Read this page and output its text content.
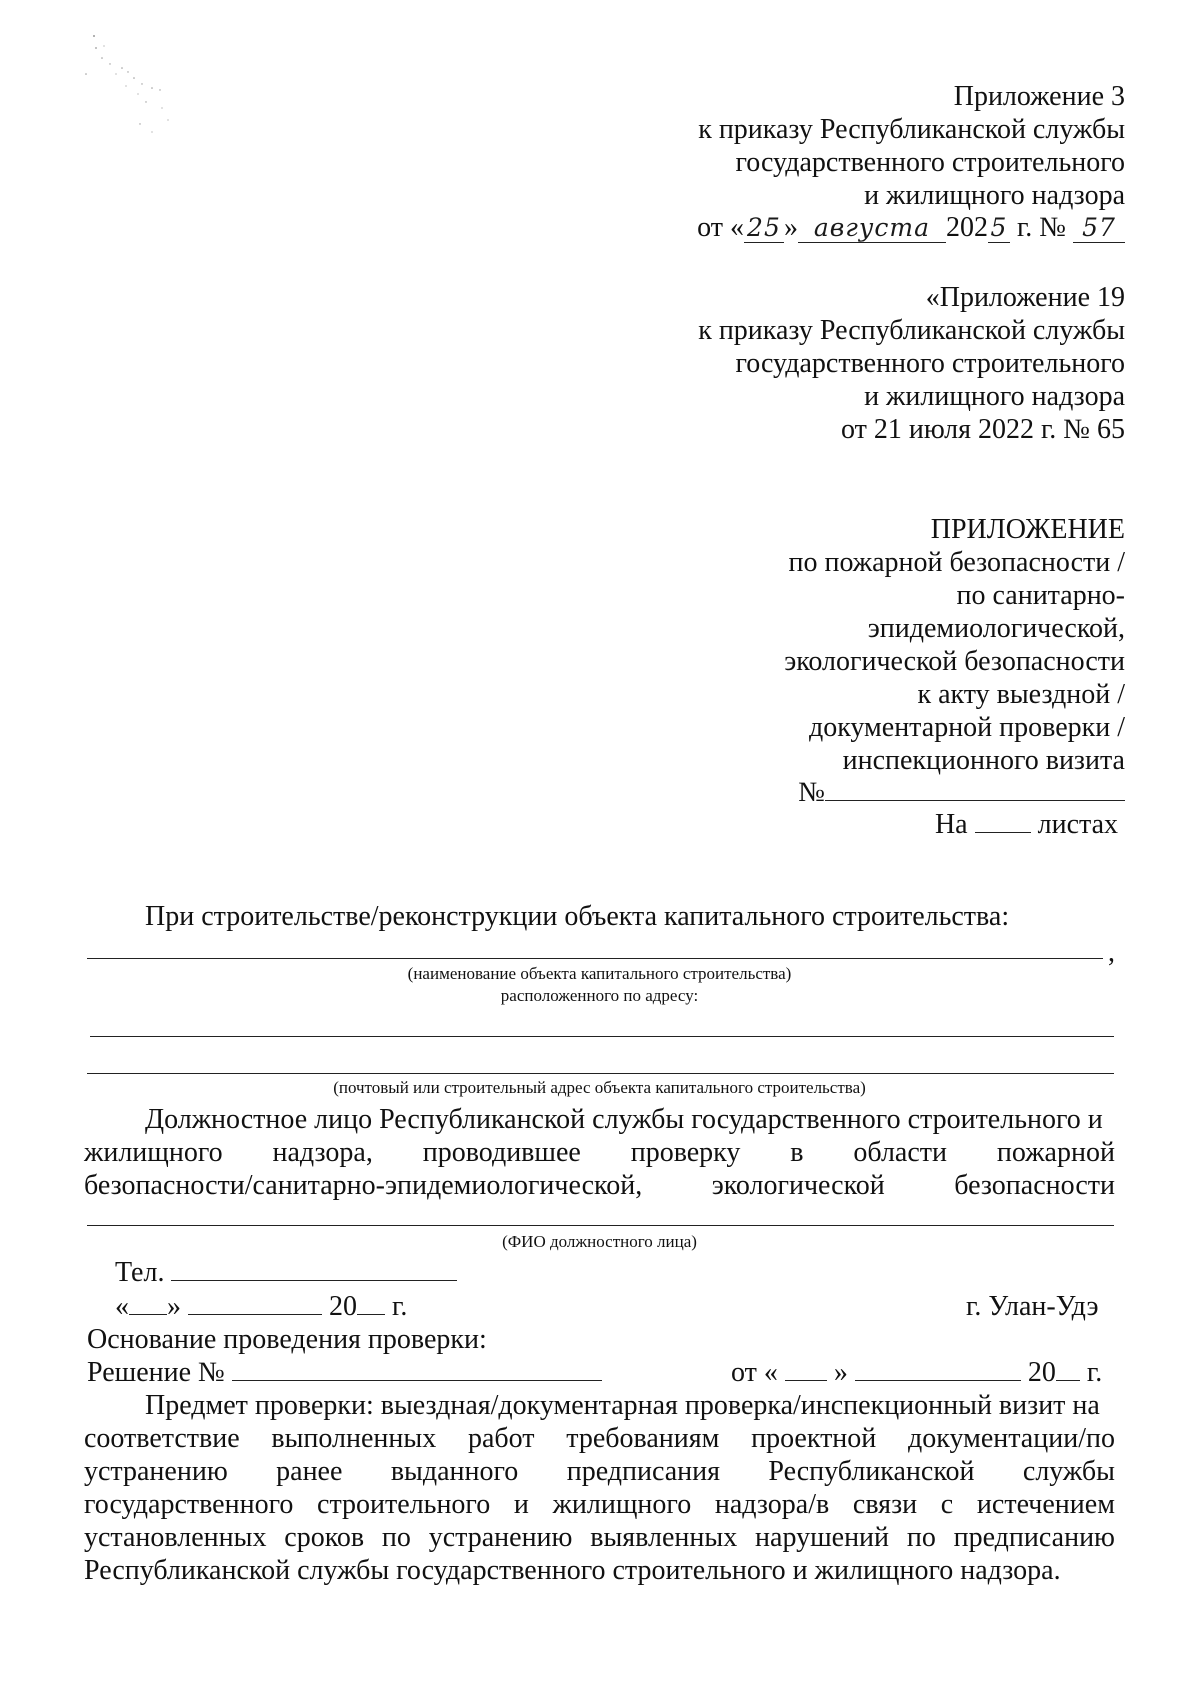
Приложение 3
к приказу Республиканской службы
государственного строительного
и жилищного надзора
от « 25 » августа 202 5 г. № 57
«Приложение 19
к приказу Республиканской службы
государственного строительного
и жилищного надзора
от 21 июля 2022 г. № 65
ПРИЛОЖЕНИЕ
по пожарной безопасности /
по санитарно-
эпидемиологической,
экологической безопасности
к акту выездной /
документарной проверки /
инспекционного визита
№
На	листах
При строительстве/реконструкции объекта капитального строительства:
,
(наименование объекта капитального строительства)
расположенного по адресу:
(почтовый или строительный адрес объекта капитального строительства)
Должностное лицо Республиканской службы государственного строительного и
жилищного надзора, проводившее проверку в области пожарной
безопасности/санитарно-эпидемиологической, экологической безопасности
(ФИО должностного лица)
Тел.
« »	20 г.	г. Улан-Удэ
Основание проведения проверки:
Решение №	от « »	20 г.
Предмет проверки: выездная/документарная проверка/инспекционный визит на
соответствие выполненных работ требованиям проектной документации/по
устранению ранее выданного предписания Республиканской службы
государственного строительного и жилищного надзора/в связи с истечением
установленных сроков по устранению выявленных нарушений по предписанию
Республиканской службы государственного строительного и жилищного надзора.
